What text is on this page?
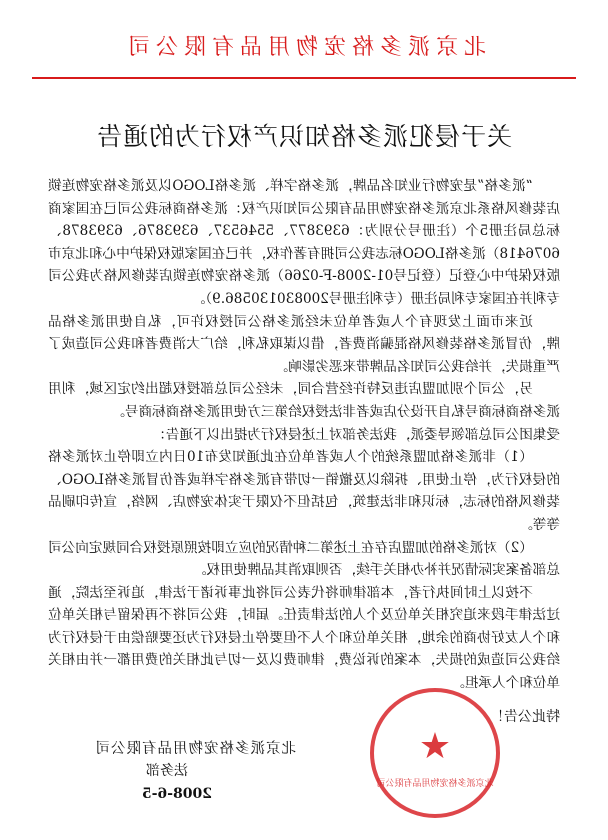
北京派多格宠物用品有限公司
关于侵犯派多格知识产权行为的通告

“派多格”是宠物行业知名品牌，派多格字样、派多格LOGO以及派多格宠物连锁店装修风格系北京派多格宠物用品有限公司知识产权：派多格商标我公司已在国家商标总局注册5个（注册号分别为：6393877、5546537、6393876、6393878、6076418）派多格LOGO标志我公司拥有著作权，并已在国家版权保护中心和北京市版权保护中心登记（登记号01-2008-F-0266）派多格宠物连锁店装修风格为我公司专利并在国家专利局注册（专利注册号200830130586.9）。

近来市面上发现有个人或者单位未经派多格公司授权许可，私自使用派多格品牌，仿冒派多格装修风格混骗消费者，借以谋取私利，给广大消费者和我公司造成了严重损失，并给我公司知名品牌带来恶劣影响。

另，公司个别加盟店违反特许经营合同，未经公司总部授权超出约定区域，利用派多格商标商号私自开设分店或者非法授权给第三方使用派多格商标商号。

受集团公司总部领导委派，我法务部对上述侵权行为提出以下通告：

（1）非派多格加盟系统的个人或者单位在此通知发布10日内立即停止对派多格的侵权行为，停止使用、拆除以及撤销一切带有派多格字样或者仿冒派多格LOGO、装修风格的标志，标识和非法建筑，包括但不仅限于实体宠物店、网络，宣传印刷品等等。

（2）对派多格的加盟店存在上述第二种情况的应立即按照原授权合同规定向公司总部备案实际情况并补办相关手续，否则取消其品牌使用权。

不按以上时间执行者，本部律师将代表公司将此事诉诸于法律，追诉至法院，通过法律手段来追究相关单位及个人的法律责任。届时，我公司将不再保留与相关单位和个人友好协商的余地，相关单位和个人不但要停止侵权行为还要赔偿由于侵权行为给我公司造成的损失，本案的诉讼费，律师费以及一切与此相关的费用都一并由相关单位和个人承担。

特此公告！
★
北京派多格宠物用品有限公司
北京派多格宠物用品有限公司
法务部
2008-6-5
